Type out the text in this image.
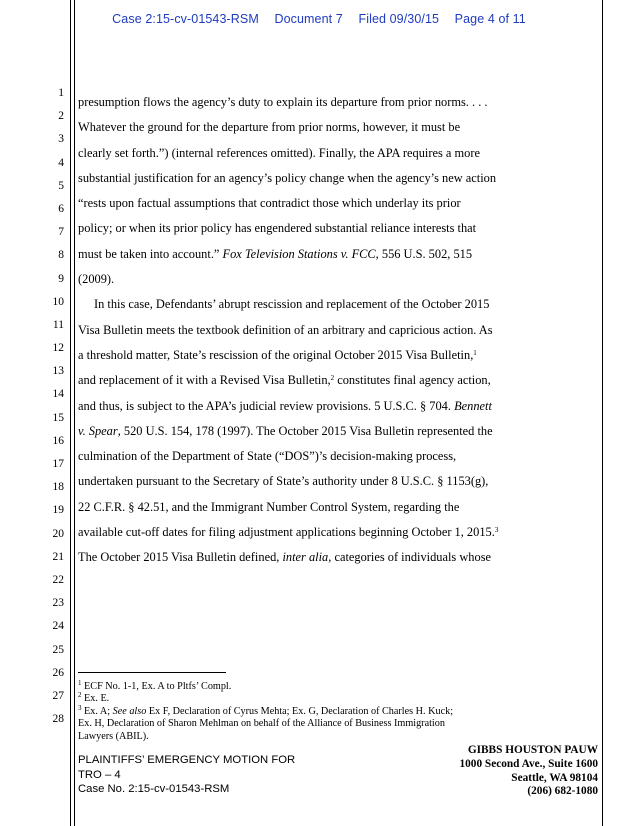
Case 2:15-cv-01543-RSM Document 7 Filed 09/30/15 Page 4 of 11
1
2
3
4
5
6
7
8
9
10
11
12
13
14
15
16
17
18
19
20
21
22
23
24
25
26
27
28
presumption flows the agency’s duty to explain its departure from prior norms. . . .
Whatever the ground for the departure from prior norms, however, it must be
clearly set forth.”) (internal references omitted). Finally, the APA requires a more
substantial justification for an agency’s policy change when the agency’s new action
“rests upon factual assumptions that contradict those which underlay its prior
policy; or when its prior policy has engendered substantial reliance interests that
must be taken into account.” Fox Television Stations v. FCC, 556 U.S. 502, 515
(2009).
In this case, Defendants’ abrupt rescission and replacement of the October 2015
Visa Bulletin meets the textbook definition of an arbitrary and capricious action. As
a threshold matter, State’s rescission of the original October 2015 Visa Bulletin,$^1$
and replacement of it with a Revised Visa Bulletin,$^2$ constitutes final agency action,
and thus, is subject to the APA’s judicial review provisions. 5 U.S.C. § 704. Bennett
v. Spear, 520 U.S. 154, 178 (1997). The October 2015 Visa Bulletin represented the
culmination of the Department of State (“DOS”)’s decision-making process,
undertaken pursuant to the Secretary of State’s authority under 8 U.S.C. § 1153(g),
22 C.F.R. § 42.51, and the Immigrant Number Control System, regarding the
available cut-off dates for filing adjustment applications beginning October 1, 2015.$^3$
The October 2015 Visa Bulletin defined, inter alia, categories of individuals whose
$^1$ ECF No. 1-1, Ex. A to Pltfs’ Compl.
$^2$ Ex. E.
$^3$ Ex. A; See also Ex F, Declaration of Cyrus Mehta; Ex. G, Declaration of Charles H. Kuck;
Ex. H, Declaration of Sharon Mehlman on behalf of the Alliance of Business Immigration
Lawyers (ABIL).
PLAINTIFFS’ EMERGENCY MOTION FOR
TRO – 4
Case No. 2:15-cv-01543-RSM
GIBBS HOUSTON PAUW
1000 Second Ave., Suite 1600
Seattle, WA 98104
(206) 682-1080
